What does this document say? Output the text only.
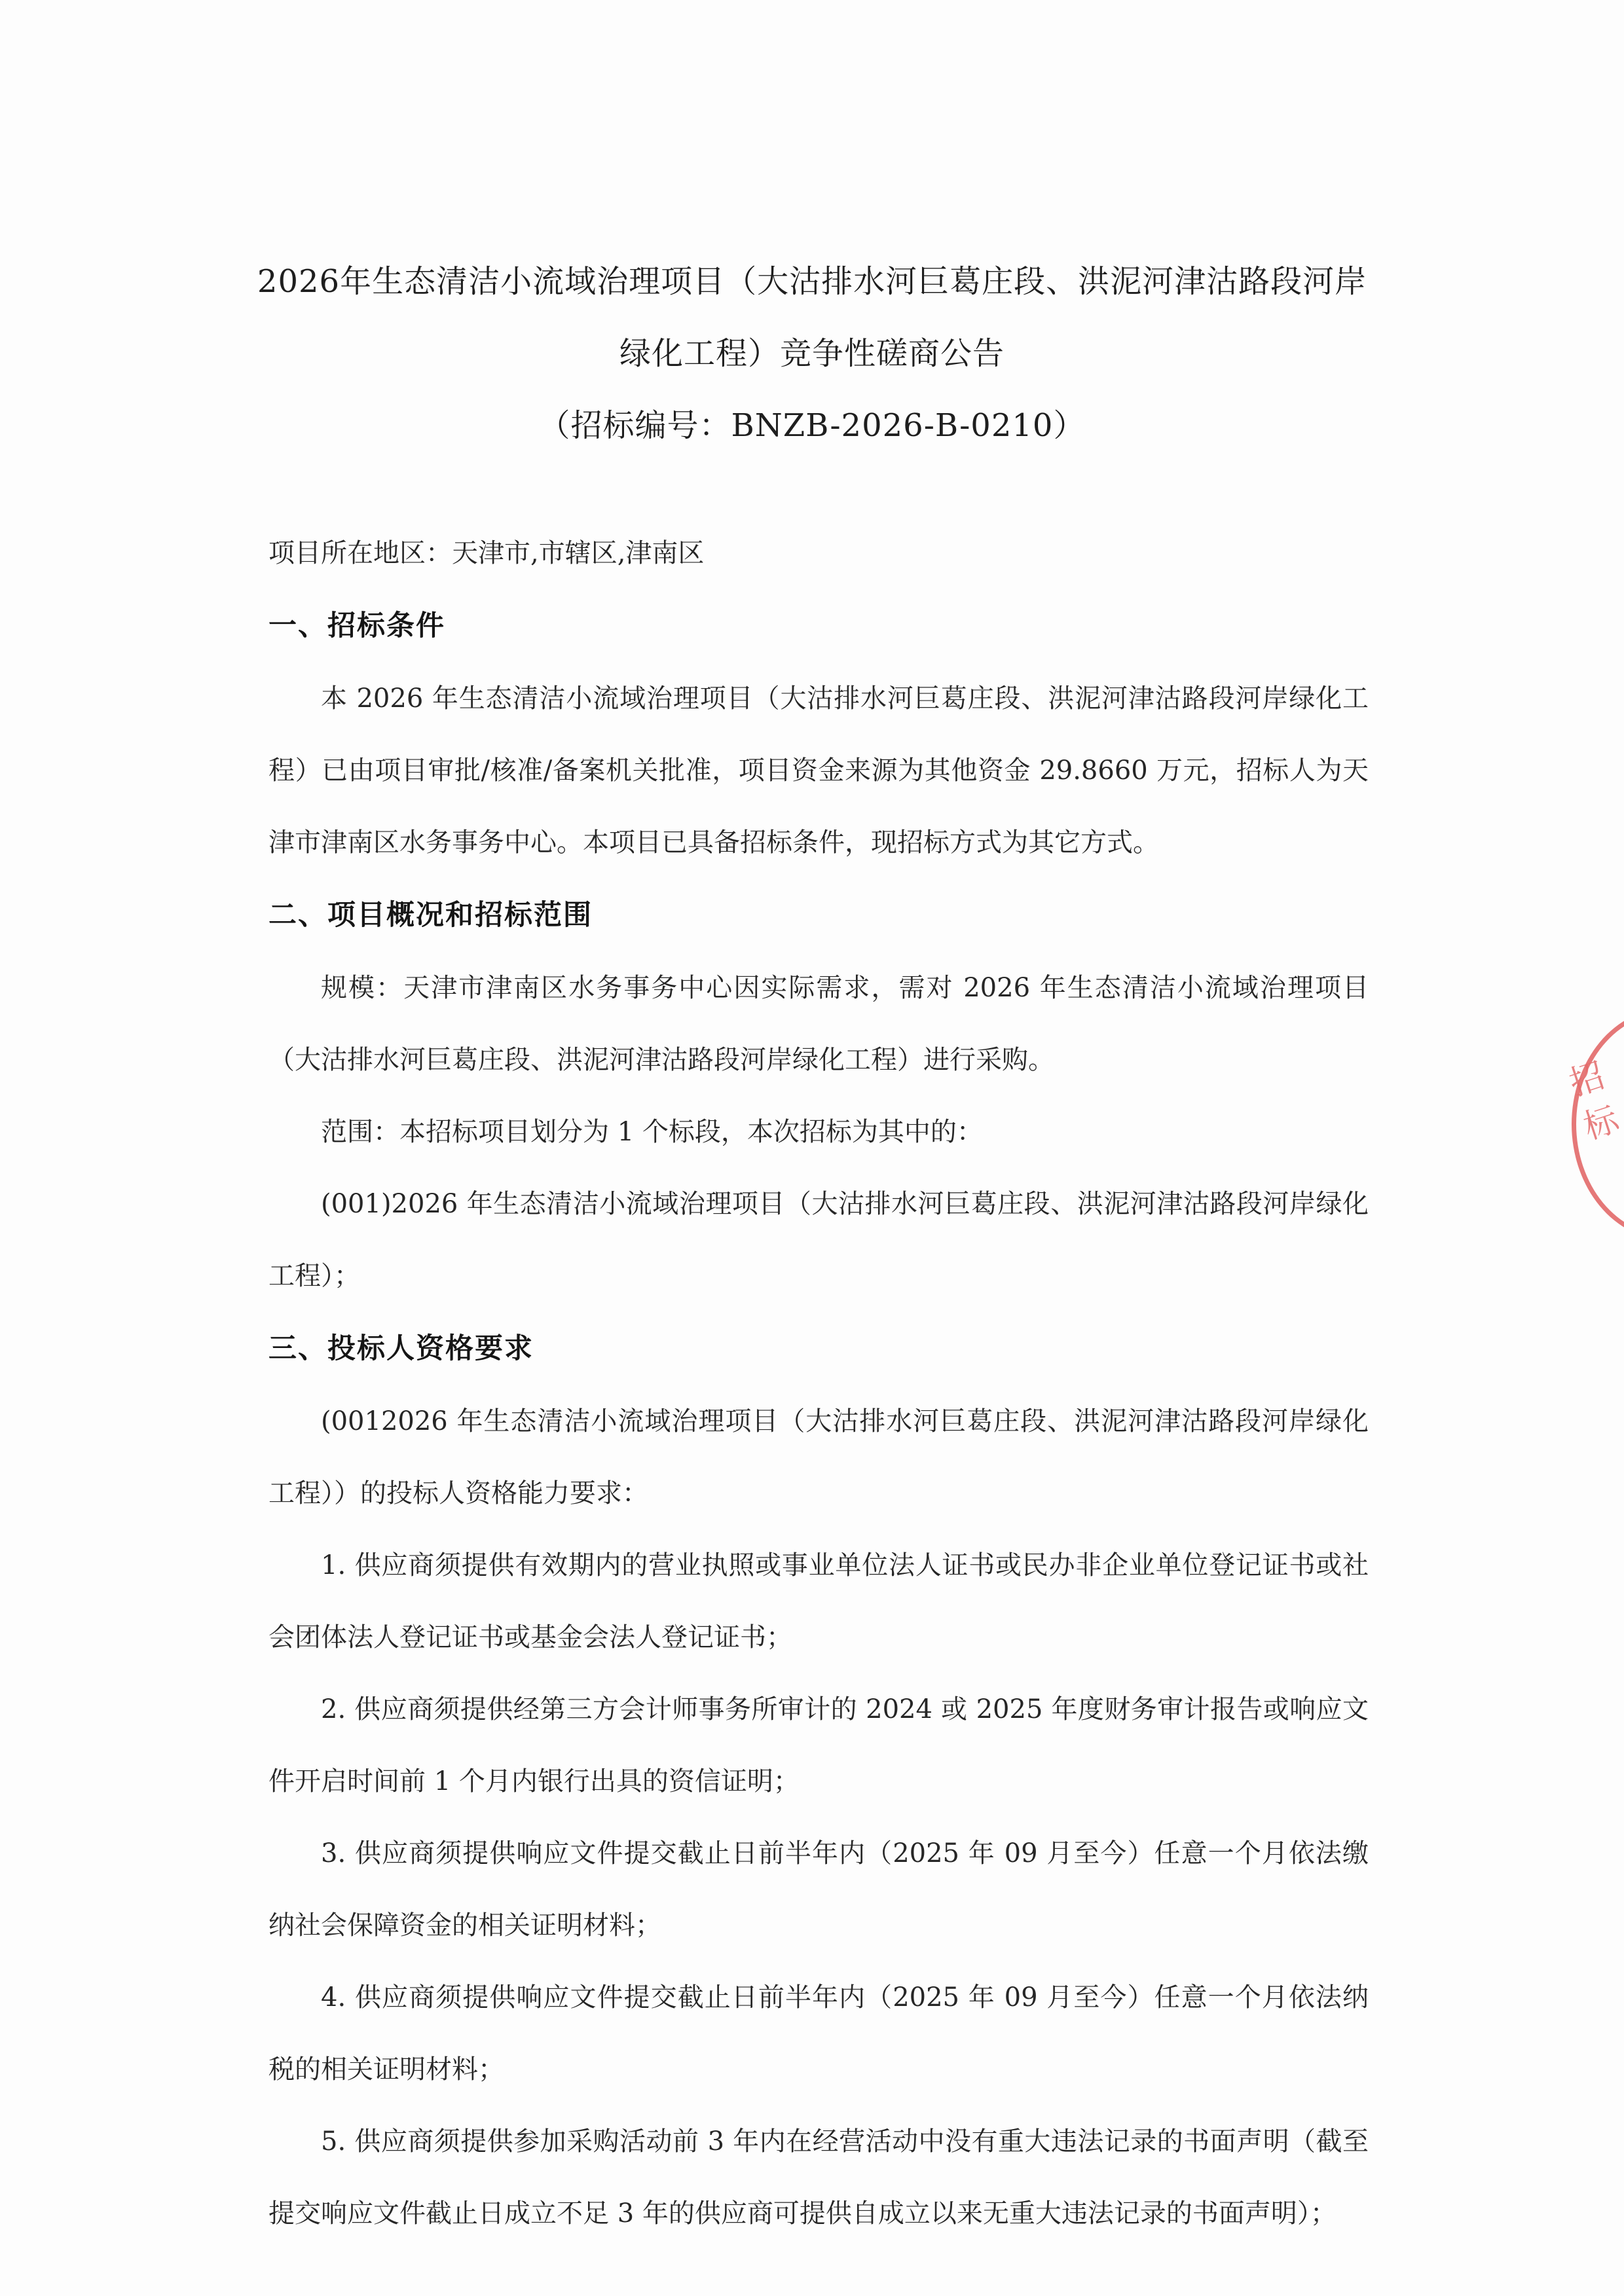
2026年生态清洁小流域治理项目（大沽排水河巨葛庄段、洪泥河津沽路段河岸
绿化工程）竞争性磋商公告
（招标编号：BNZB-2026-B-0210）

项目所在地区：天津市,市辖区,津南区

一、招标条件

本 2026 年生态清洁小流域治理项目（大沽排水河巨葛庄段、洪泥河津沽路段河岸绿化工程）已由项目审批/核准/备案机关批准，项目资金来源为其他资金 29.8660 万元，招标人为天津市津南区水务事务中心。本项目已具备招标条件，现招标方式为其它方式。

二、项目概况和招标范围

规模：天津市津南区水务事务中心因实际需求，需对 2026 年生态清洁小流域治理项目（大沽排水河巨葛庄段、洪泥河津沽路段河岸绿化工程）进行采购。

范围：本招标项目划分为 1 个标段，本次招标为其中的：

(001)2026 年生态清洁小流域治理项目（大沽排水河巨葛庄段、洪泥河津沽路段河岸绿化工程）；

三、投标人资格要求

(0012026 年生态清洁小流域治理项目（大沽排水河巨葛庄段、洪泥河津沽路段河岸绿化工程））的投标人资格能力要求：

1. 供应商须提供有效期内的营业执照或事业单位法人证书或民办非企业单位登记证书或社会团体法人登记证书或基金会法人登记证书；

2. 供应商须提供经第三方会计师事务所审计的 2024 或 2025 年度财务审计报告或响应文件开启时间前 1 个月内银行出具的资信证明；

3. 供应商须提供响应文件提交截止日前半年内（2025 年 09 月至今）任意一个月依法缴纳社会保障资金的相关证明材料；

4. 供应商须提供响应文件提交截止日前半年内（2025 年 09 月至今）任意一个月依法纳税的相关证明材料；

5. 供应商须提供参加采购活动前 3 年内在经营活动中没有重大违法记录的书面声明（截至提交响应文件截止日成立不足 3 年的供应商可提供自成立以来无重大违法记录的书面声明）；

招标
